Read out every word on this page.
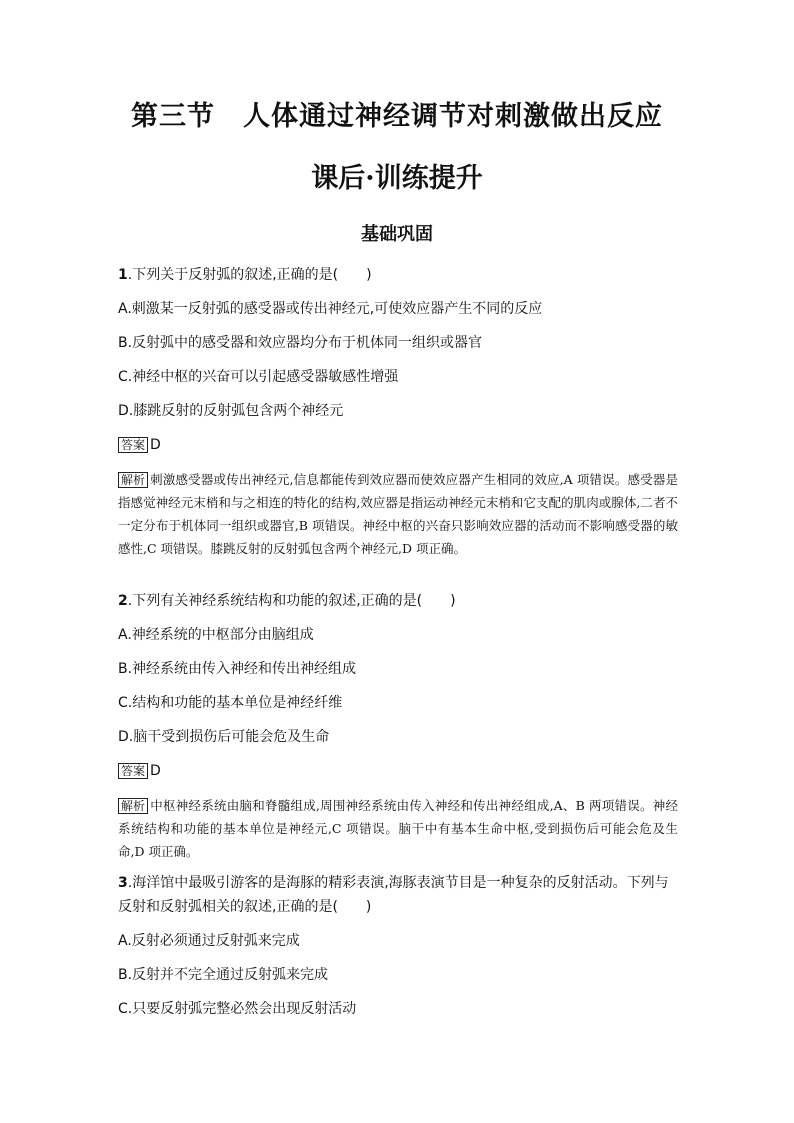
第三节　人体通过神经调节对刺激做出反应
课后·训练提升
基础巩固
1.下列关于反射弧的叙述,正确的是(　　)
A.刺激某一反射弧的感受器或传出神经元,可使效应器产生不同的反应
B.反射弧中的感受器和效应器均分布于机体同一组织或器官
C.神经中枢的兴奋可以引起感受器敏感性增强
D.膝跳反射的反射弧包含两个神经元
答案 D
解析 刺激感受器或传出神经元,信息都能传到效应器而使效应器产生相同的效应,A 项错误。感受器是指感觉神经元末梢和与之相连的特化的结构,效应器是指运动神经元末梢和它支配的肌肉或腺体,二者不一定分布于机体同一组织或器官,B 项错误。神经中枢的兴奋只影响效应器的活动而不影响感受器的敏感性,C 项错误。膝跳反射的反射弧包含两个神经元,D 项正确。
2.下列有关神经系统结构和功能的叙述,正确的是(　　)
A.神经系统的中枢部分由脑组成
B.神经系统由传入神经和传出神经组成
C.结构和功能的基本单位是神经纤维
D.脑干受到损伤后可能会危及生命
答案 D
解析 中枢神经系统由脑和脊髓组成,周围神经系统由传入神经和传出神经组成,A、B 两项错误。神经系统结构和功能的基本单位是神经元,C 项错误。脑干中有基本生命中枢,受到损伤后可能会危及生命,D 项正确。
3.海洋馆中最吸引游客的是海豚的精彩表演,海豚表演节目是一种复杂的反射活动。下列与
反射和反射弧相关的叙述,正确的是(　　)
A.反射必须通过反射弧来完成
B.反射并不完全通过反射弧来完成
C.只要反射弧完整必然会出现反射活动
